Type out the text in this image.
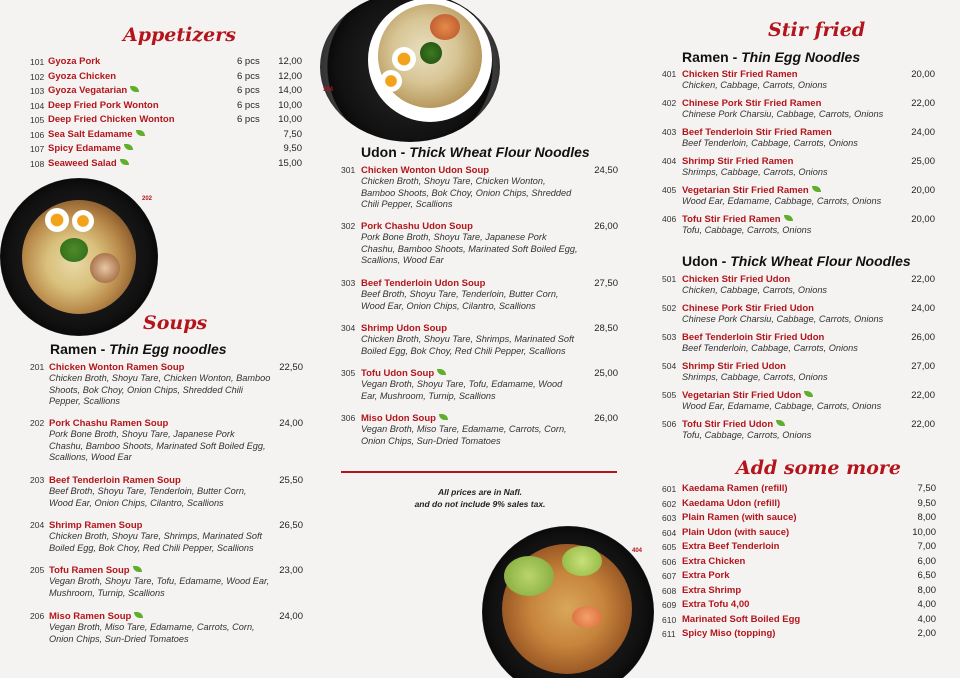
Appetizers
101 Gyoza Pork	6 pcs 12,00
102 Gyoza Chicken	6 pcs 12,00
103 Gyoza Vegatarian	6 pcs 14,00
104 Deep Fried Pork Wonton	6 pcs 10,00
105 Deep Fried Chicken Wonton	6 pcs 10,00
106 Sea Salt Edamame	7,50
107 Spicy Edamame	9,50
108 Seaweed Salad	15,00
202
Soups
Ramen - Thin Egg noodles
201 Chicken Wonton Ramen Soup
Chicken Broth, Shoyu Tare, Chicken Wonton, Bamboo Shoots, Bok Choy, Onion Chips, Shredded Chili Pepper, Scallions
22,50
202 Pork Chashu Ramen Soup
Pork Bone Broth, Shoyu Tare, Japanese Pork Chashu, Bamboo Shoots, Marinated Soft Boiled Egg, Scallions, Wood Ear
24,00
203 Beef Tenderloin Ramen Soup
Beef Broth, Shoyu Tare, Tenderloin, Butter Corn, Wood Ear, Onion Chips, Cilantro, Scallions
25,50
204 Shrimp Ramen Soup
Chicken Broth, Shoyu Tare, Shrimps, Marinated Soft Boiled Egg, Bok Choy, Red Chili Pepper, Scallions
26,50
205 Tofu Ramen Soup
Vegan Broth, Shoyu Tare, Tofu, Edamame, Wood Ear, Mushroom, Turnip, Scallions
23,00
206 Miso Ramen Soup
Vegan Broth, Miso Tare, Edamame, Carrots, Corn, Onion Chips, Sun-Dried Tomatoes
24,00
304
Udon - Thick Wheat Flour Noodles
301 Chicken Wonton Udon Soup
Chicken Broth, Shoyu Tare, Chicken Wonton, Bamboo Shoots, Bok Choy, Onion Chips, Shredded Chili Pepper, Scallions
24,50
302 Pork Chashu Udon Soup
Pork Bone Broth, Shoyu Tare, Japanese Pork Chashu, Bamboo Shoots, Marinated Soft Boiled Egg, Scallions, Wood Ear
26,00
303 Beef Tenderloin Udon Soup
Beef Broth, Shoyu Tare, Tenderloin, Butter Corn, Wood Ear, Onion Chips, Cilantro, Scallions
27,50
304 Shrimp Udon Soup
Chicken Broth, Shoyu Tare, Shrimps, Marinated Soft Boiled Egg, Bok Choy, Red Chili Pepper, Scallions
28,50
305 Tofu Udon Soup
Vegan Broth, Shoyu Tare, Tofu, Edamame, Wood Ear, Mushroom, Turnip, Scallions
25,00
306 Miso Udon Soup
Vegan Broth, Miso Tare, Edamame, Carrots, Corn, Onion Chips, Sun-Dried Tomatoes
26,00
All prices are in Nafl.
and do not include 9% sales tax.
404
Stir fried
Ramen - Thin Egg Noodles
401 Chicken Stir Fried Ramen
Chicken, Cabbage, Carrots, Onions
20,00
402 Chinese Pork Stir Fried Ramen
Chinese Pork Charsiu, Cabbage, Carrots, Onions
22,00
403 Beef Tenderloin Stir Fried Ramen
Beef Tenderloin, Cabbage, Carrots, Onions
24,00
404 Shrimp Stir Fried Ramen
Shrimps, Cabbage, Carrots, Onions
25,00
405 Vegetarian Stir Fried Ramen
Wood Ear, Edamame, Cabbage, Carrots, Onions
20,00
406 Tofu Stir Fried Ramen
Tofu, Cabbage, Carrots, Onions
20,00
Udon - Thick Wheat Flour Noodles
501 Chicken Stir Fried Udon
Chicken, Cabbage, Carrots, Onions
22,00
502 Chinese Pork Stir Fried Udon
Chinese Pork Charsiu, Cabbage, Carrots, Onions
24,00
503 Beef Tenderloin Stir Fried Udon
Beef Tenderloin, Cabbage, Carrots, Onions
26,00
504 Shrimp Stir Fried Udon
Shrimps, Cabbage, Carrots, Onions
27,00
505 Vegetarian Stir Fried Udon
Wood Ear, Edamame, Cabbage, Carrots, Onions
22,00
506 Tofu Stir Fried Udon
Tofu, Cabbage, Carrots, Onions
22,00
Add some more
601 Kaedama Ramen (refill)	7,50
602 Kaedama Udon (refill)	9,50
603 Plain Ramen (with sauce)	8,00
604 Plain Udon (with sauce)	10,00
605 Extra Beef Tenderloin	7,00
606 Extra Chicken	6,00
607 Extra Pork	6,50
608 Extra Shrimp	8,00
609 Extra Tofu 4,00	4,00
610 Marinated Soft Boiled Egg	4,00
611 Spicy Miso (topping)	2,00
